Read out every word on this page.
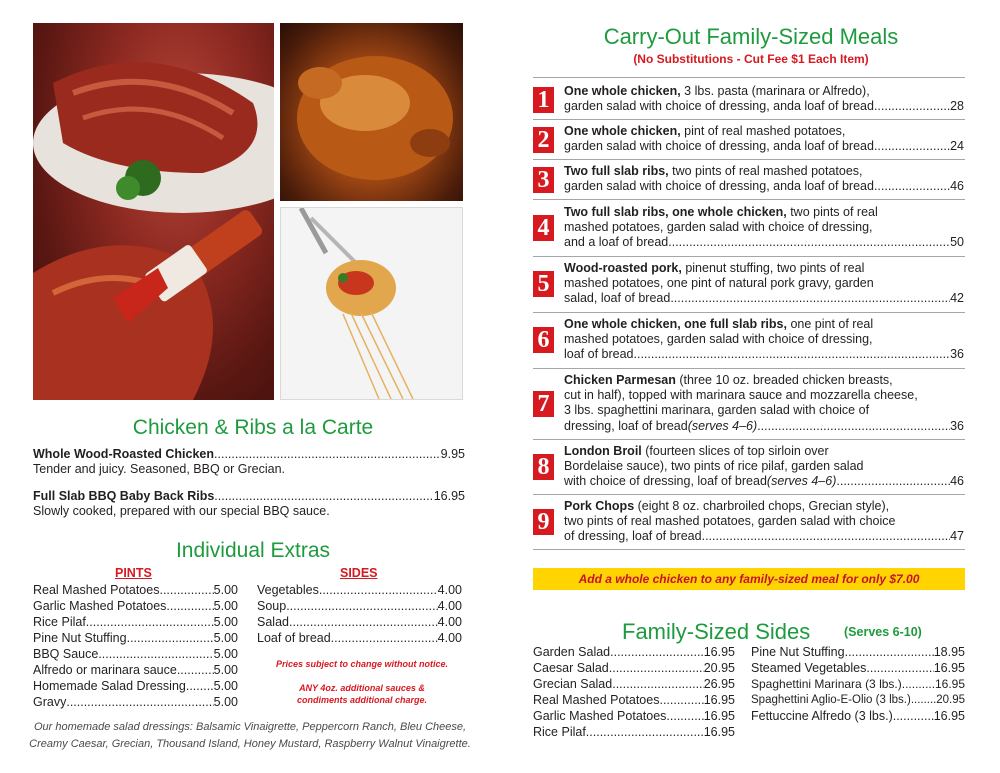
Chicken & Ribs a la Carte
Whole Wood-Roasted Chicken .....	9.95
Tender and juicy. Seasoned, BBQ or Grecian.
Full Slab BBQ Baby Back Ribs .....	16.95
Slowly cooked, prepared with our special BBQ sauce.
Individual Extras
PINTS	SIDES
Real Mashed Potatoes .....	5.00
Garlic Mashed Potatoes .....	5.00
Rice Pilaf .....	5.00
Pine Nut Stuffing .....	5.00
BBQ Sauce .....	5.00
Alfredo or marinara sauce .....	5.00
Homemade Salad Dressing ..... 5.00
Gravy .....	5.00
Vegetables .....	4.00
Soup .....	4.00
Salad .....	4.00
Loaf of bread .....	4.00
Prices subject to change without notice.
ANY 4oz. additional sauces &
condiments additional charge.
Our homemade salad dressings: Balsamic Vinaigrette, Peppercorn Ranch, Bleu Cheese,
Creamy Caesar, Grecian, Thousand Island, Honey Mustard, Raspberry Walnut Vinaigrette.
Carry-Out Family-Sized Meals
(No Substitutions - Cut Fee $1 Each Item)
1	One whole chicken, 3 lbs. pasta (marinara or Alfredo),
garden salad with choice of dressing, anda loaf of bread .....	28
2	One whole chicken, pint of real mashed potatoes,
garden salad with choice of dressing, anda loaf of bread .....	24
3	Two full slab ribs, two pints of real mashed potatoes,
garden salad with choice of dressing, anda loaf of bread .....	46
4
Two full slab ribs, one whole chicken, two pints of real
mashed potatoes, garden salad with choice of dressing,
and a loaf of bread .....	50
5
Wood-roasted pork, pinenut stuffing, two pints of real
mashed potatoes, one pint of natural pork gravy, garden
salad, loaf of bread .....	42
6
One whole chicken, one full slab ribs, one pint of real
mashed potatoes, garden salad with choice of dressing,
loaf of bread .....	36
7
Chicken Parmesan (three 10 oz. breaded chicken breasts,
cut in half), topped with marinara sauce and mozzarella cheese,
3 lbs. spaghettini marinara, garden salad with choice of
dressing, loaf of bread(serves 4–6) .....	36
8
London Broil (fourteen slices of top sirloin over
Bordelaise sauce), two pints of rice pilaf, garden salad
with choice of dressing, loaf of bread(serves 4–6) .....	46
9
Pork Chops (eight 8 oz. charbroiled chops, Grecian style),
two pints of real mashed potatoes, garden salad with choice
of dressing, loaf of bread .....	47
Add a whole chicken to any family-sized meal for only $7.00
Family-Sized Sides	(Serves 6-10)
Garden Salad .....	16.95
Caesar Salad .....	20.95
Grecian Salad .....	26.95
Real Mashed Potatoes .....	16.95
Garlic Mashed Potatoes .....	16.95
Rice Pilaf .....	16.95
Pine Nut Stuffing .....	18.95
Steamed Vegetables .....	16.95
Spaghettini Marinara (3 lbs.) .....	16.95
Spaghettini Aglio-E-Olio (3 lbs.) ..... 20.95
Fettuccine Alfredo (3 lbs.) .....	16.95
